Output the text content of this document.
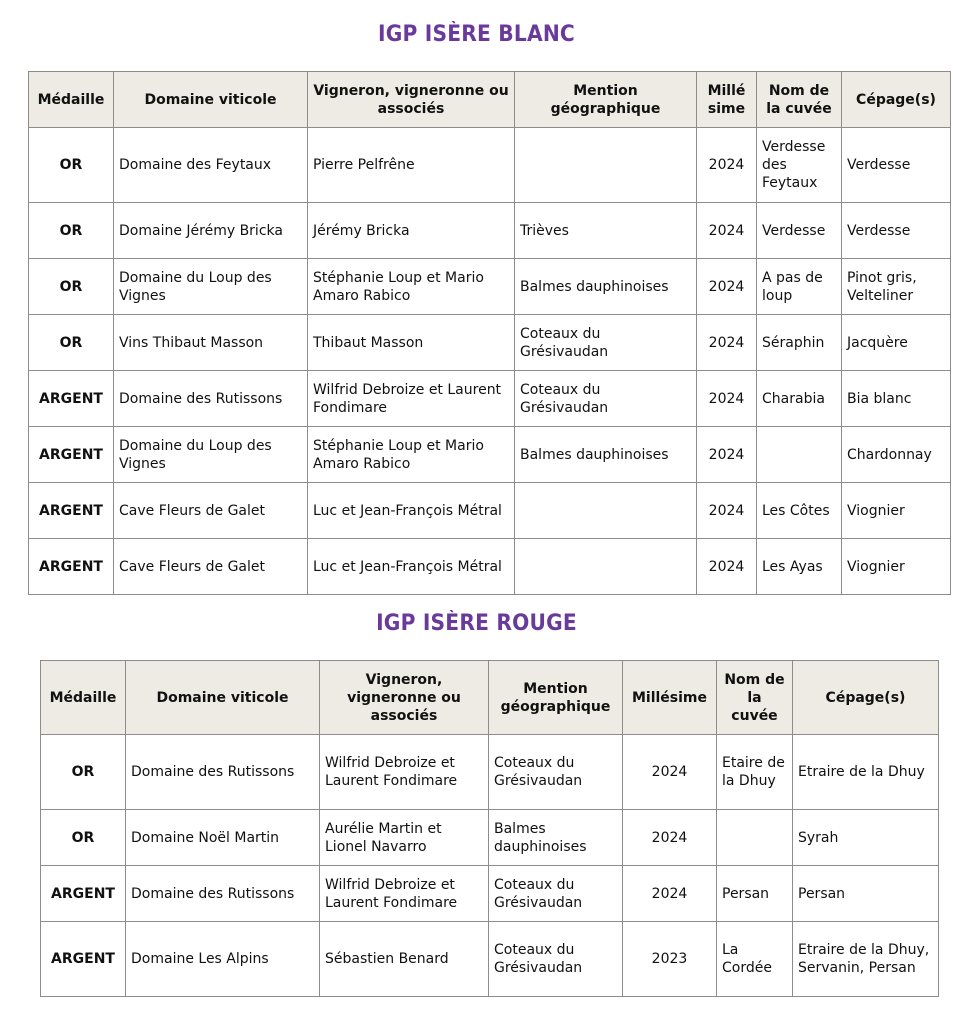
IGP ISÈRE BLANC
Médaille	Domaine viticole	Vigneron, vigneronne ou associés	Mention géographique	Millé sime	Nom de la cuvée	Cépage(s)
OR	Domaine des Feytaux	Pierre Pelfrêne		2024	Verdesse des Feytaux	Verdesse
OR	Domaine Jérémy Bricka	Jérémy Bricka	Trièves	2024	Verdesse	Verdesse
OR	Domaine du Loup des Vignes	Stéphanie Loup et Mario Amaro Rabico	Balmes dauphinoises	2024	A pas de loup	Pinot gris, Velteliner
OR	Vins Thibaut Masson	Thibaut Masson	Coteaux du Grésivaudan	2024	Séraphin	Jacquère
ARGENT	Domaine des Rutissons	Wilfrid Debroize et Laurent Fondimare	Coteaux du Grésivaudan	2024	Charabia	Bia blanc
ARGENT	Domaine du Loup des Vignes	Stéphanie Loup et Mario Amaro Rabico	Balmes dauphinoises	2024		Chardonnay
ARGENT	Cave Fleurs de Galet	Luc et Jean-François Métral		2024	Les Côtes	Viognier
ARGENT	Cave Fleurs de Galet	Luc et Jean-François Métral		2024	Les Ayas	Viognier
IGP ISÈRE ROUGE
Médaille	Domaine viticole	Vigneron, vigneronne ou associés	Mention géographique	Millésime	Nom de la cuvée	Cépage(s)
OR	Domaine des Rutissons	Wilfrid Debroize et Laurent Fondimare	Coteaux du Grésivaudan	2024	Etaire de la Dhuy	Etraire de la Dhuy
OR	Domaine Noël Martin	Aurélie Martin et Lionel Navarro	Balmes dauphinoises	2024		Syrah
ARGENT	Domaine des Rutissons	Wilfrid Debroize et Laurent Fondimare	Coteaux du Grésivaudan	2024	Persan	Persan
ARGENT	Domaine Les Alpins	Sébastien Benard	Coteaux du Grésivaudan	2023	La Cordée	Etraire de la Dhuy, Servanin, Persan
